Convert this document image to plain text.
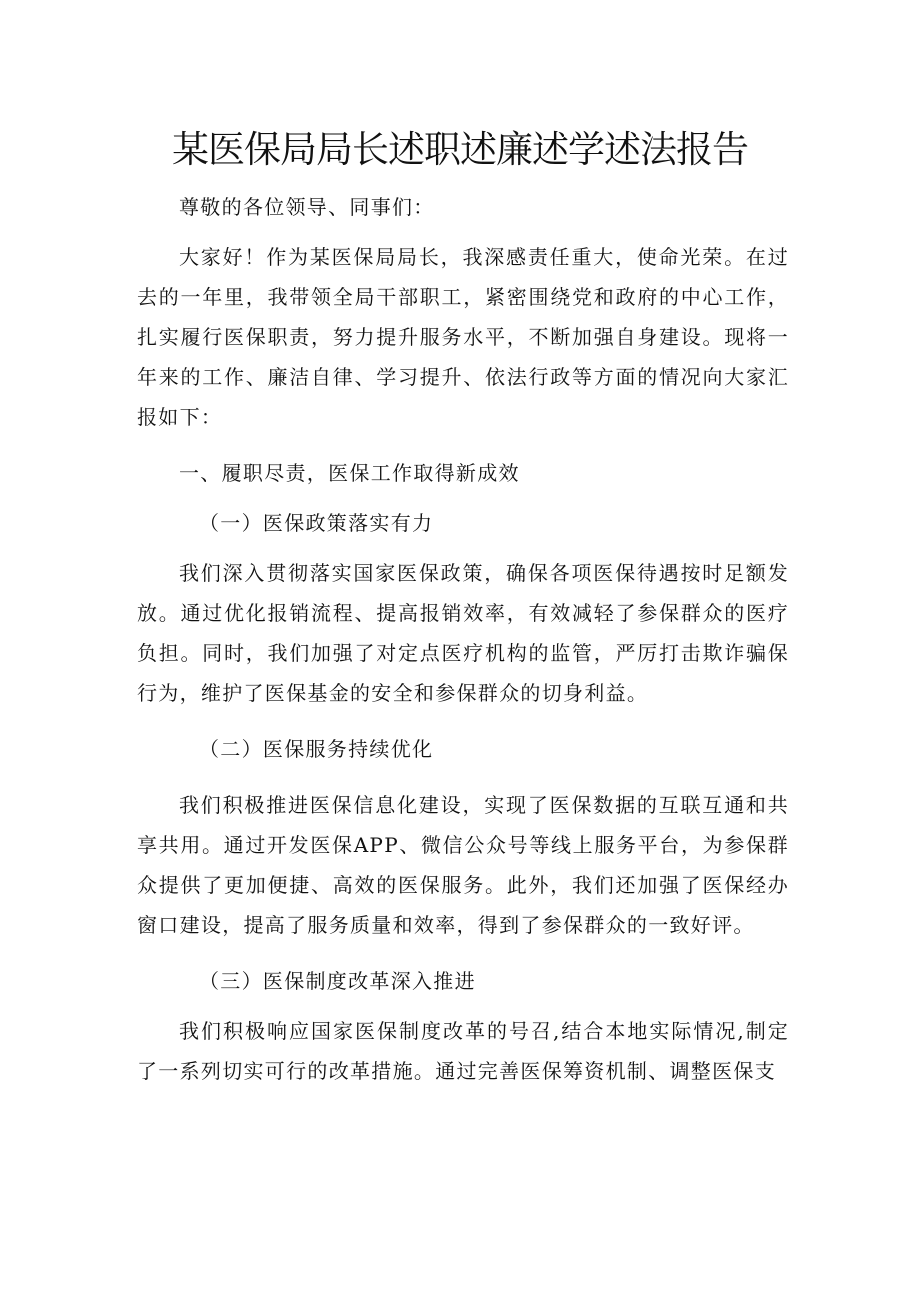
某医保局局长述职述廉述学述法报告

尊敬的各位领导、同事们：

大家好！作为某医保局局长，我深感责任重大，使命光荣。在过去的一年里，我带领全局干部职工，紧密围绕党和政府的中心工作，扎实履行医保职责，努力提升服务水平，不断加强自身建设。现将一年来的工作、廉洁自律、学习提升、依法行政等方面的情况向大家汇报如下：

一、履职尽责，医保工作取得新成效

（一）医保政策落实有力

我们深入贯彻落实国家医保政策，确保各项医保待遇按时足额发放。通过优化报销流程、提高报销效率，有效减轻了参保群众的医疗负担。同时，我们加强了对定点医疗机构的监管，严厉打击欺诈骗保行为，维护了医保基金的安全和参保群众的切身利益。

（二）医保服务持续优化

我们积极推进医保信息化建设，实现了医保数据的互联互通和共享共用。通过开发医保APP、微信公众号等线上服务平台，为参保群众提供了更加便捷、高效的医保服务。此外，我们还加强了医保经办窗口建设，提高了服务质量和效率，得到了参保群众的一致好评。

（三）医保制度改革深入推进

我们积极响应国家医保制度改革的号召,结合本地实际情况,制定了一系列切实可行的改革措施。通过完善医保筹资机制、调整医保支
